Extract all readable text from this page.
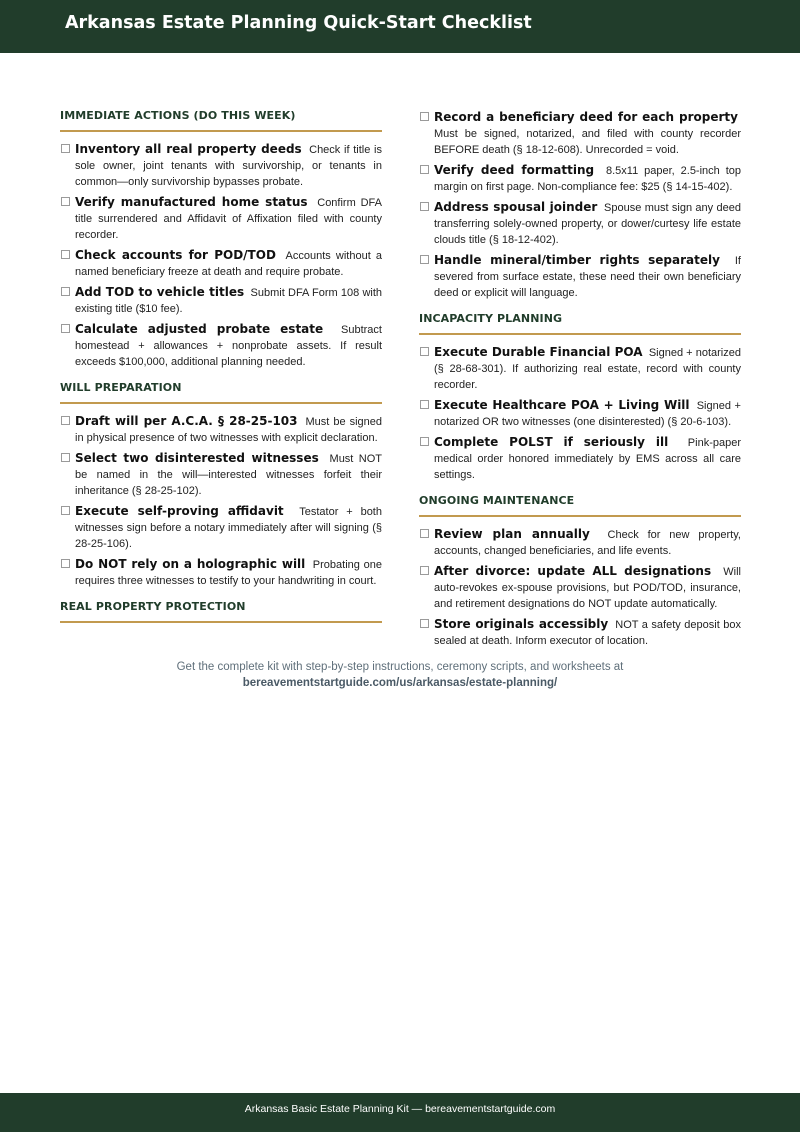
Arkansas Estate Planning Quick-Start Checklist
IMMEDIATE ACTIONS (DO THIS WEEK)
Inventory all real property deeds Check if title is sole owner, joint tenants with survivorship, or tenants in common—only survivorship bypasses probate.
Verify manufactured home status Confirm DFA title surrendered and Affidavit of Affixation filed with county recorder.
Check accounts for POD/TOD Accounts without a named beneficiary freeze at death and require probate.
Add TOD to vehicle titles Submit DFA Form 108 with existing title ($10 fee).
Calculate adjusted probate estate Subtract homestead + allowances + nonprobate assets. If result exceeds $100,000, additional planning needed.
WILL PREPARATION
Draft will per A.C.A. § 28-25-103 Must be signed in physical presence of two witnesses with explicit declaration.
Select two disinterested witnesses Must NOT be named in the will—interested witnesses forfeit their inheritance (§ 28-25-102).
Execute self-proving affidavit Testator + both witnesses sign before a notary immediately after will signing (§ 28-25-106).
Do NOT rely on a holographic will Probating one requires three witnesses to testify to your handwriting in court.
REAL PROPERTY PROTECTION
Record a beneficiary deed for each property  Must be signed, notarized, and filed with county recorder BEFORE death (§ 18-12-608). Unrecorded = void.
Verify deed formatting 8.5x11 paper, 2.5-inch top margin on first page. Non-compliance fee: $25 (§ 14-15-402).
Address spousal joinder Spouse must sign any deed transferring solely-owned property, or dower/curtesy life estate clouds title (§ 18-12-402).
Handle mineral/timber rights separately If severed from surface estate, these need their own beneficiary deed or explicit will language.
INCAPACITY PLANNING
Execute Durable Financial POA Signed + notarized (§ 28-68-301). If authorizing real estate, record with county recorder.
Execute Healthcare POA + Living Will Signed + notarized OR two witnesses (one disinterested) (§ 20-6-103).
Complete POLST if seriously ill Pink-paper medical order honored immediately by EMS across all care settings.
ONGOING MAINTENANCE
Review plan annually Check for new property, accounts, changed beneficiaries, and life events.
After divorce: update ALL designations Will auto-revokes ex-spouse provisions, but POD/TOD, insurance, and retirement designations do NOT update automatically.
Store originals accessibly NOT a safety deposit box sealed at death. Inform executor of location.
Get the complete kit with step-by-step instructions, ceremony scripts, and worksheets at
bereavementstartguide.com/us/arkansas/estate-planning/
Arkansas Basic Estate Planning Kit — bereavementstartguide.com
